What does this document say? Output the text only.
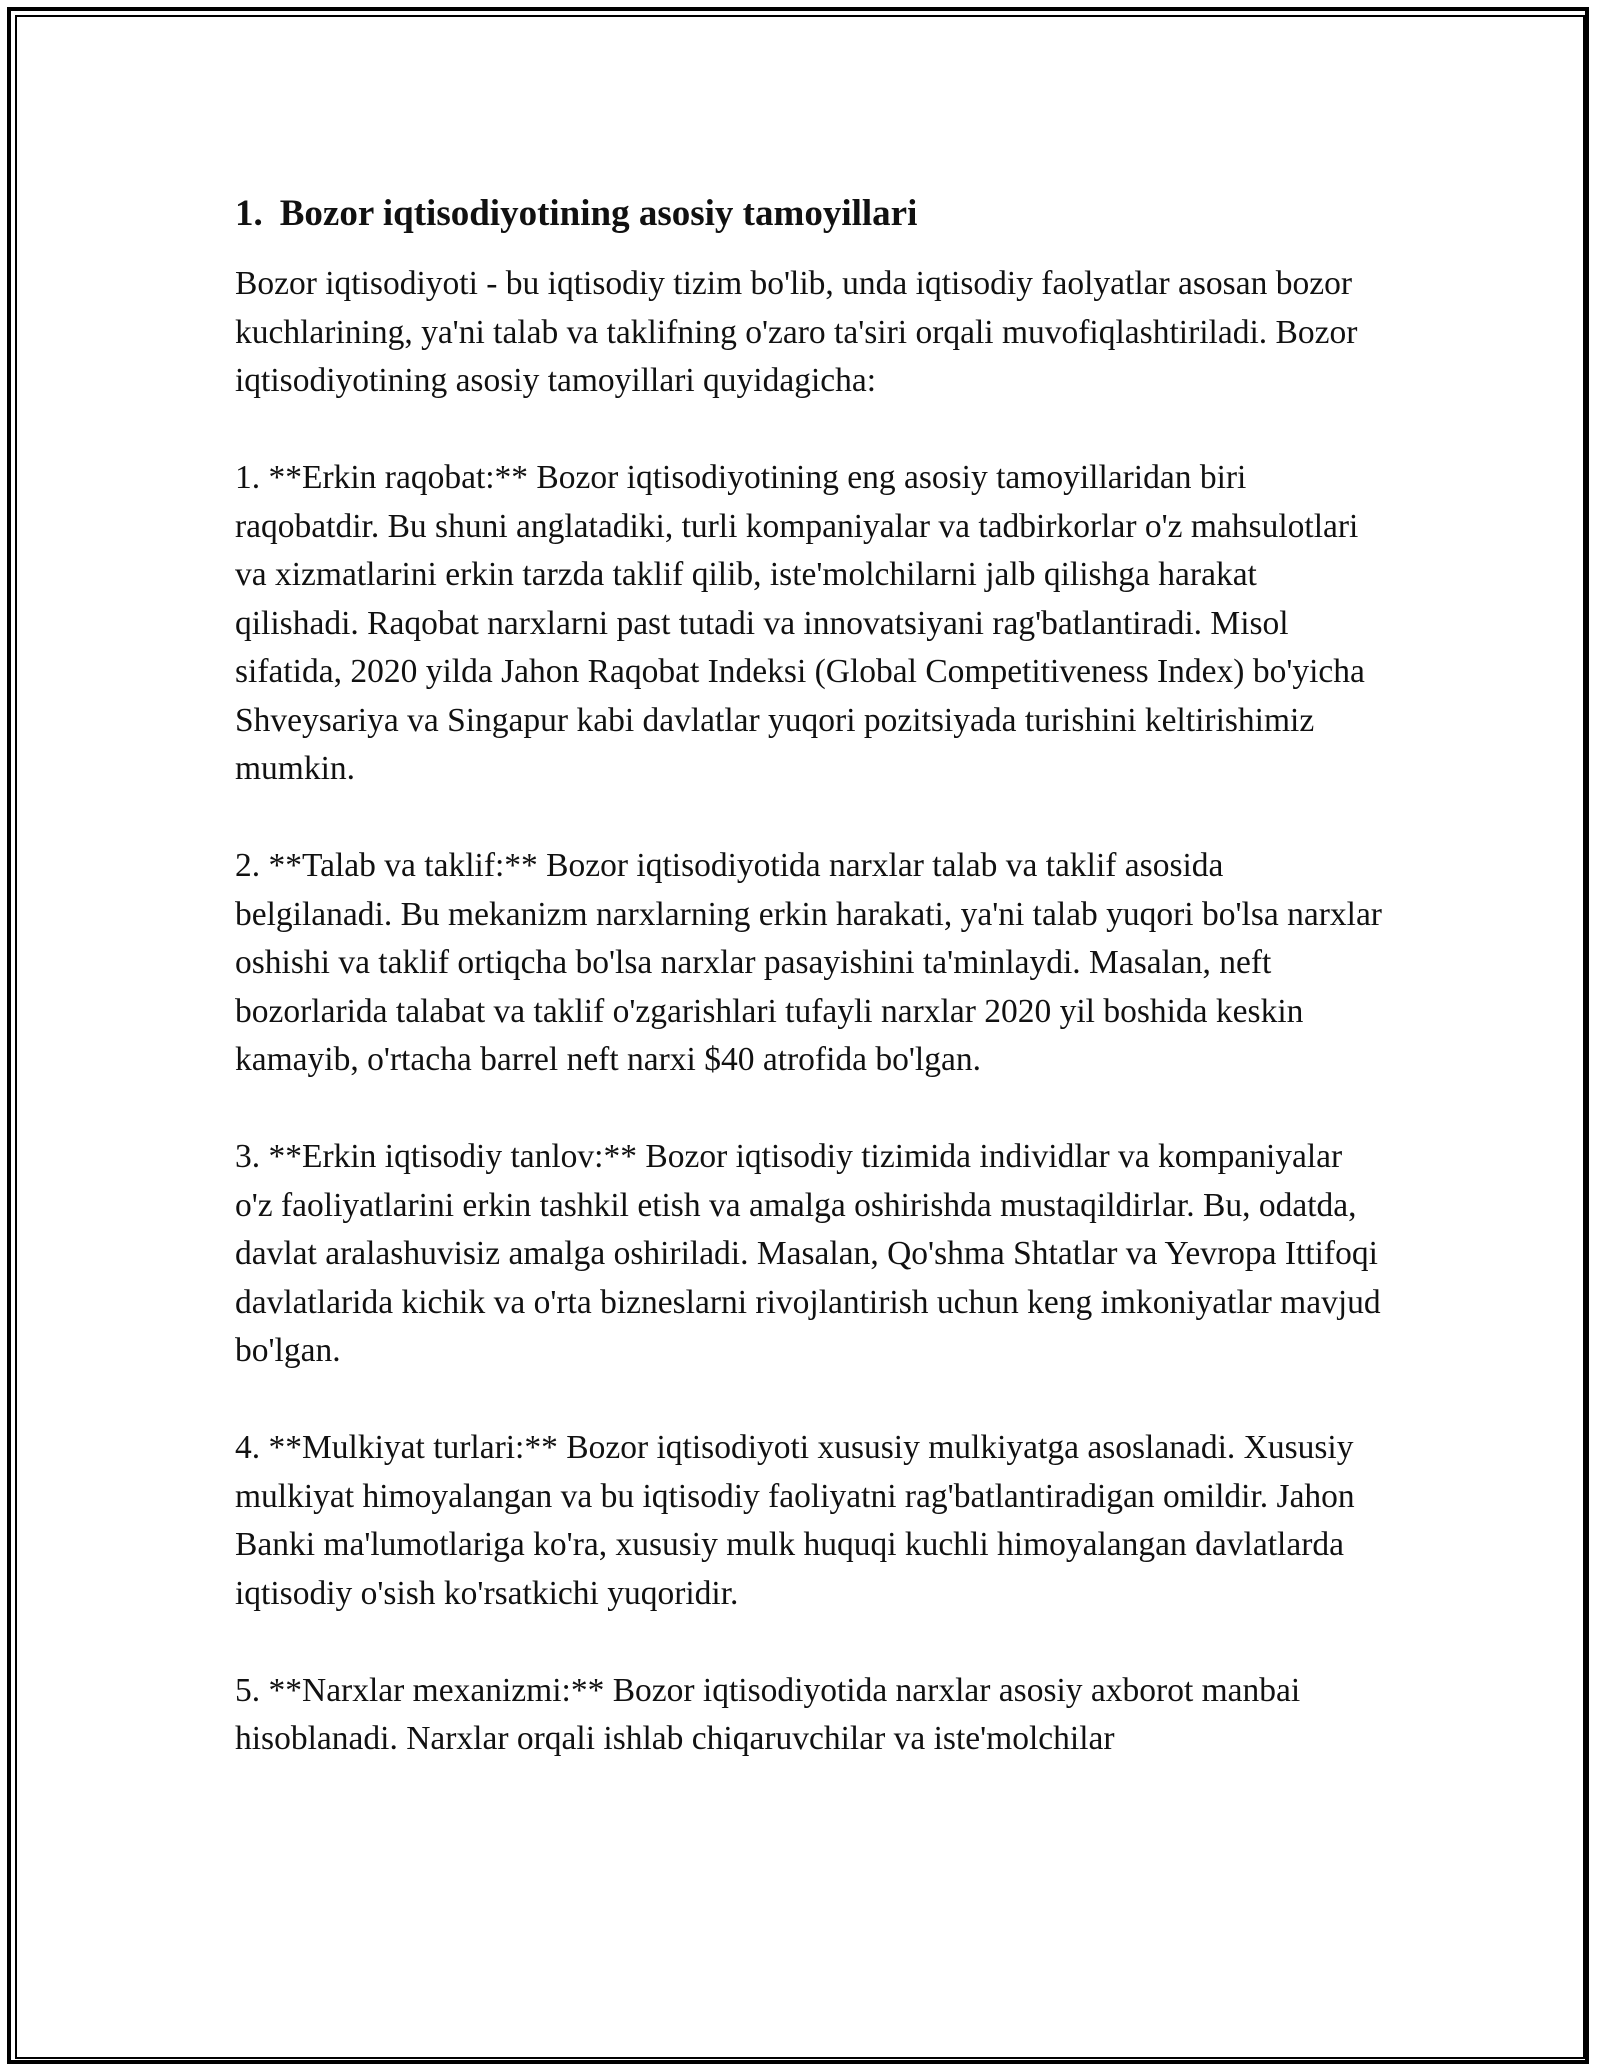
1. Bozor iqtisodiyotining asosiy tamoyillari

Bozor iqtisodiyoti - bu iqtisodiy tizim bo'lib, unda iqtisodiy faolyatlar asosan bozor kuchlarining, ya'ni talab va taklifning o'zaro ta'siri orqali muvofiqlashtiriladi. Bozor iqtisodiyotining asosiy tamoyillari quyidagicha:

1. **Erkin raqobat:** Bozor iqtisodiyotining eng asosiy tamoyillaridan biri raqobatdir. Bu shuni anglatadiki, turli kompaniyalar va tadbirkorlar o'z mahsulotlari va xizmatlarini erkin tarzda taklif qilib, iste'molchilarni jalb qilishga harakat qilishadi. Raqobat narxlarni past tutadi va innovatsiyani rag'batlantiradi. Misol sifatida, 2020 yilda Jahon Raqobat Indeksi (Global Competitiveness Index) bo'yicha Shveysariya va Singapur kabi davlatlar yuqori pozitsiyada turishini keltirishimiz mumkin.

2. **Talab va taklif:** Bozor iqtisodiyotida narxlar talab va taklif asosida belgilanadi. Bu mekanizm narxlarning erkin harakati, ya'ni talab yuqori bo'lsa narxlar oshishi va taklif ortiqcha bo'lsa narxlar pasayishini ta'minlaydi. Masalan, neft bozorlarida talabat va taklif o'zgarishlari tufayli narxlar 2020 yil boshida keskin kamayib, o'rtacha barrel neft narxi $40 atrofida bo'lgan.

3. **Erkin iqtisodiy tanlov:** Bozor iqtisodiy tizimida individlar va kompaniyalar o'z faoliyatlarini erkin tashkil etish va amalga oshirishda mustaqildirlar. Bu, odatda, davlat aralashuvisiz amalga oshiriladi. Masalan, Qo'shma Shtatlar va Yevropa Ittifoqi davlatlarida kichik va o'rta bizneslarni rivojlantirish uchun keng imkoniyatlar mavjud bo'lgan.

4. **Mulkiyat turlari:** Bozor iqtisodiyoti xususiy mulkiyatga asoslanadi. Xususiy mulkiyat himoyalangan va bu iqtisodiy faoliyatni rag'batlantiradigan omildir. Jahon Banki ma'lumotlariga ko'ra, xususiy mulk huquqi kuchli himoyalangan davlatlarda iqtisodiy o'sish ko'rsatkichi yuqoridir.

5. **Narxlar mexanizmi:** Bozor iqtisodiyotida narxlar asosiy axborot manbai hisoblanadi. Narxlar orqali ishlab chiqaruvchilar va iste'molchilar
